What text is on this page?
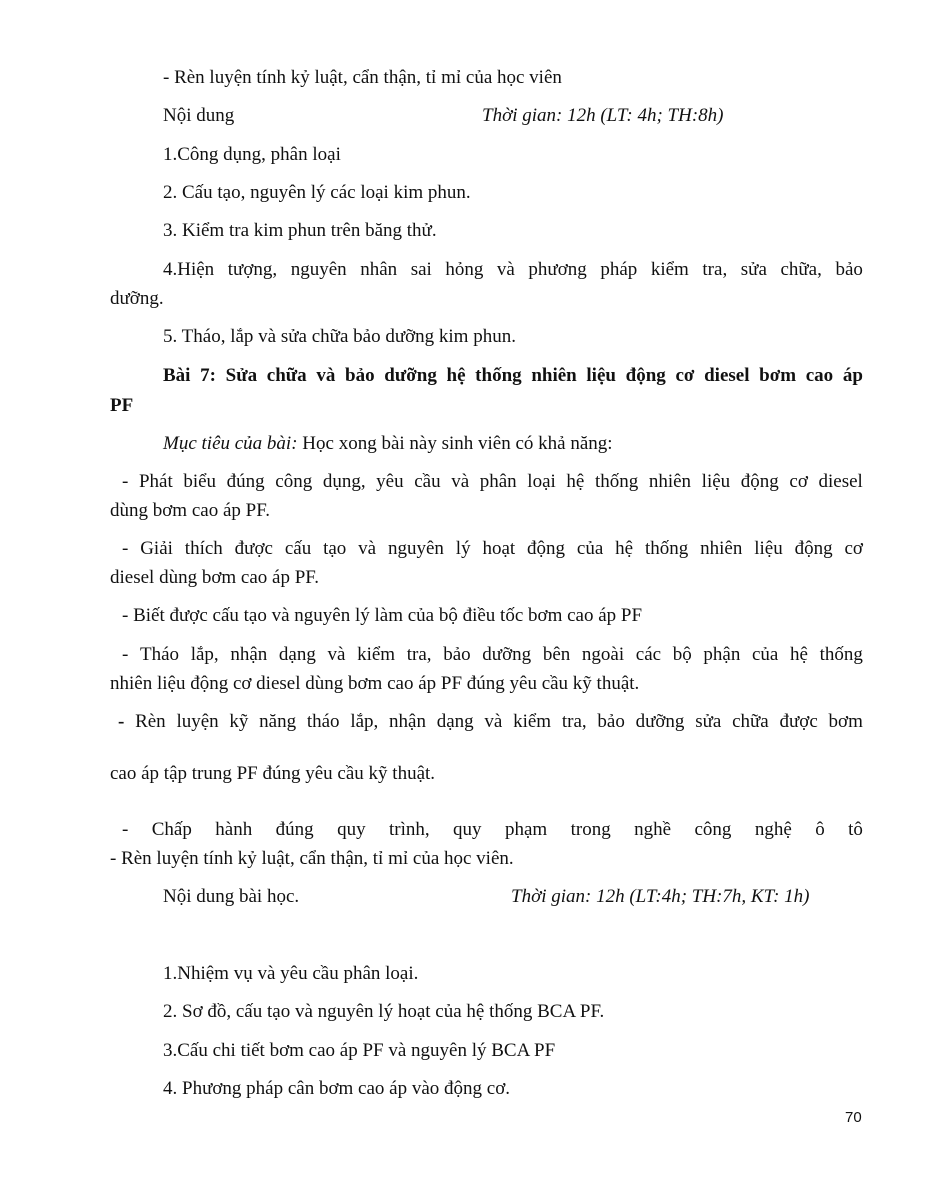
- Rèn luyện tính kỷ luật, cẩn thận, tỉ mỉ của học viên
Nội dung	Thời gian: 12h (LT: 4h; TH:8h)
1.Công dụng, phân loại
2. Cấu tạo, nguyên lý các loại kim phun.
3. Kiểm tra kim phun trên băng thử.
4.Hiện tượng, nguyên nhân sai hỏng và phương pháp kiểm tra, sửa chữa, bảo
dưỡng.
5. Tháo, lắp và sửa chữa bảo dưỡng kim phun.
Bài 7: Sửa chữa và bảo dưỡng hệ thống nhiên liệu động cơ diesel bơm cao áp
PF
Mục tiêu của bài: Học xong bài này sinh viên có khả năng:
- Phát biểu đúng công dụng, yêu cầu và phân loại hệ thống nhiên liệu động cơ diesel
dùng bơm cao áp PF.
- Giải thích được cấu tạo và nguyên lý hoạt động của hệ thống nhiên liệu động cơ
diesel dùng bơm cao áp PF.
- Biết được cấu tạo và nguyên lý làm của bộ điều tốc bơm cao áp PF
- Tháo lắp, nhận dạng và kiểm tra, bảo dưỡng bên ngoài các bộ phận của hệ thống
nhiên liệu động cơ diesel dùng bơm cao áp PF đúng yêu cầu kỹ thuật.
- Rèn luyện kỹ năng tháo lắp, nhận dạng và kiểm tra, bảo dưỡng sửa chữa được bơm
cao áp tập trung PF đúng yêu cầu kỹ thuật.
- Chấp hành đúng quy trình, quy phạm trong nghề công nghệ ô tô
- Rèn luyện tính kỷ luật, cẩn thận, tỉ mỉ của học viên.
Nội dung bài học.	Thời gian: 12h (LT:4h; TH:7h, KT: 1h)
1.Nhiệm vụ và yêu cầu phân loại.
2. Sơ đồ, cấu tạo và nguyên lý hoạt của hệ thống BCA PF.
3.Cấu chi tiết bơm cao áp PF và nguyên lý BCA PF
4. Phương pháp cân bơm cao áp vào động cơ.
70
